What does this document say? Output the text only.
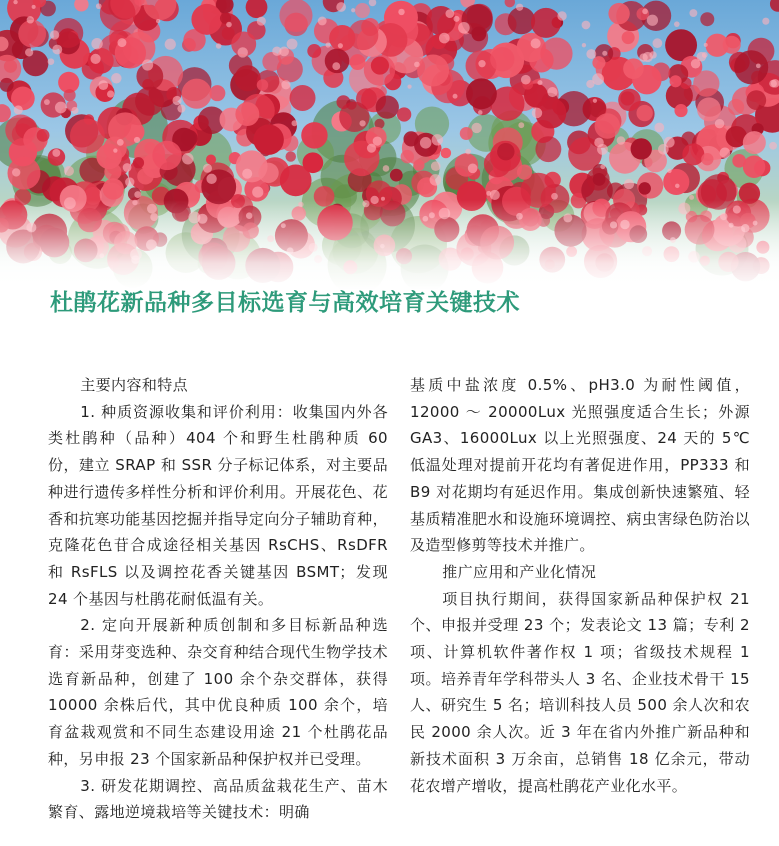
杜鹃花新品种多目标选育与高效培育关键技术

主要内容和特点

1. 种质资源收集和评价利用：收集国内外各类杜鹃种（品种）404 个和野生杜鹃种质 60 份，建立 SRAP 和 SSR 分子标记体系，对主要品种进行遗传多样性分析和评价利用。开展花色、花香和抗寒功能基因挖掘并指导定向分子辅助育种，克隆花色苷合成途径相关基因 RsCHS、RsDFR 和 RsFLS 以及调控花香关键基因 BSMT；发现 24 个基因与杜鹃花耐低温有关。

2. 定向开展新种质创制和多目标新品种选育：采用芽变选种、杂交育种结合现代生物学技术选育新品种，创建了 100 余个杂交群体，获得 10000 余株后代，其中优良种质 100 余个，培育盆栽观赏和不同生态建设用途 21 个杜鹃花品种，另申报 23 个国家新品种保护权并已受理。

3. 研发花期调控、高品质盆栽花生产、苗木繁育、露地逆境栽培等关键技术：明确

基质中盐浓度 0.5%、pH3.0 为耐性阈值，12000 ～ 20000Lux 光照强度适合生长；外源 GA3、16000Lux 以上光照强度、24 天的 5℃低温处理对提前开花均有著促进作用，PP333 和 B9 对花期均有延迟作用。集成创新快速繁殖、轻基质精准肥水和设施环境调控、病虫害绿色防治以及造型修剪等技术并推广。

推广应用和产业化情况

项目执行期间，获得国家新品种保护权 21 个、申报并受理 23 个；发表论文 13 篇；专利 2 项、计算机软件著作权 1 项；省级技术规程 1 项。培养青年学科带头人 3 名、企业技术骨干 15 人、研究生 5 名；培训科技人员 500 余人次和农民 2000 余人次。近 3 年在省内外推广新品种和新技术面积 3 万余亩，总销售 18 亿余元，带动花农增产增收，提高杜鹃花产业化水平。
